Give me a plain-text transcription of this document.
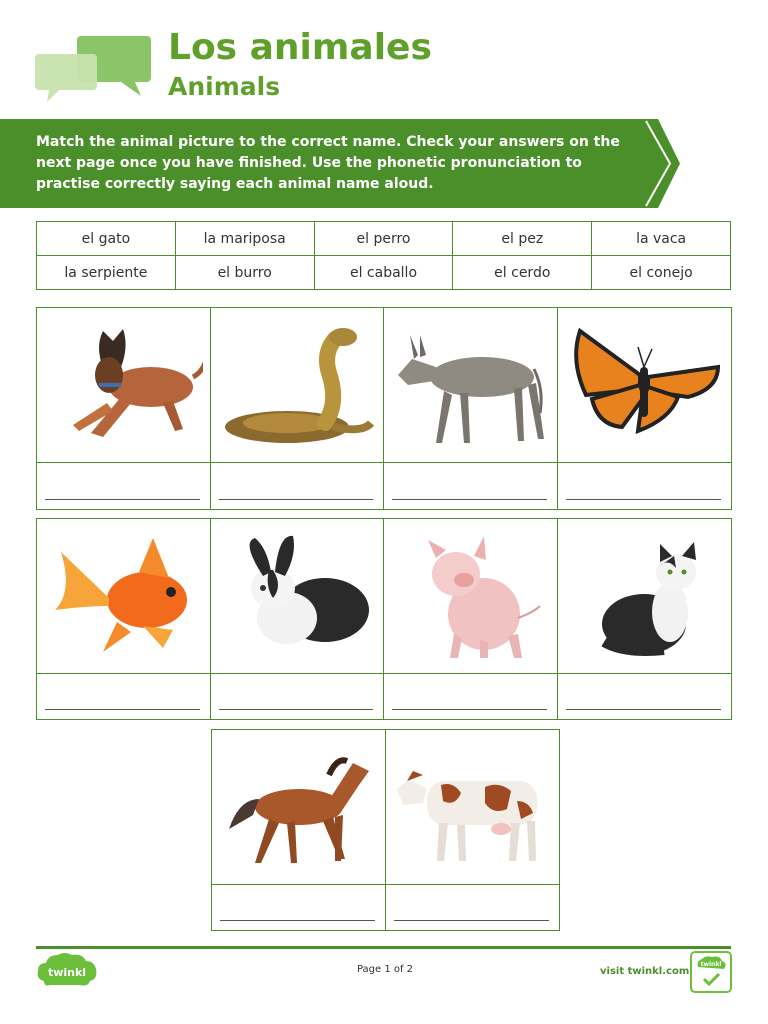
Los animales
Animals
Match the animal picture to the correct name. Check your answers on the next page once you have finished. Use the phonetic pronunciation to practise correctly saying each animal name aloud.
el gato	la mariposa	el perro	el pez	la vaca
la serpiente	el burro	el caballo	el cerdo	el conejo
twinkl	Page 1 of 2	visit twinkl.com
twinkl
